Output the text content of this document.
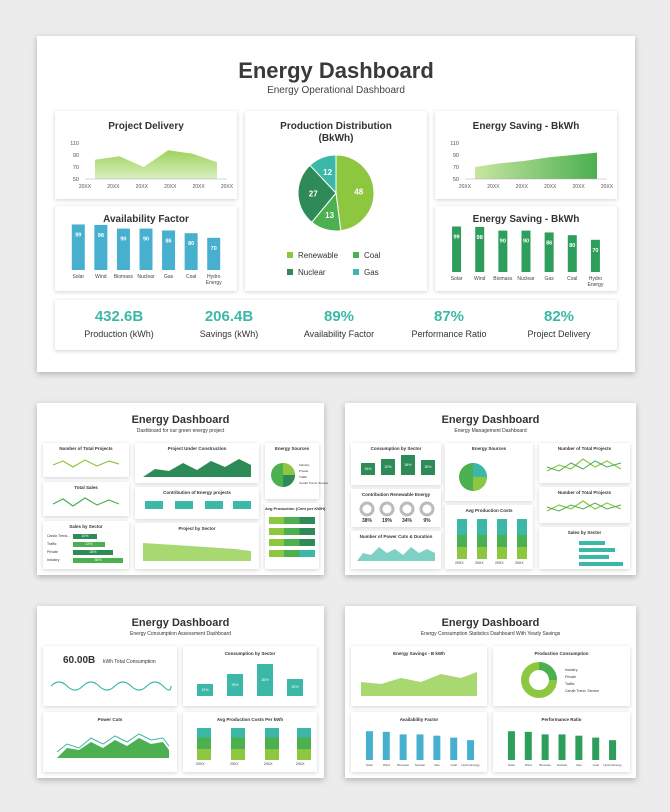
Energy Dashboard
Energy Operational Dashboard
Project Delivery
110
90
70
50
20XX	20XX	20XX	20XX	20XX	20XX
Production Distribution
(BkWh)
48
13
27
12
Renewable	Coal
Nuclear	Gas
Energy Saving - BkWh
110
90
70
50
20XX	20XX	20XX	20XX	20XX	20XX
Availability Factor
99
Solar
98
Wind
90
Biomass
90
Nuclear
86
Gas
80
Coal
70
Hydro
Energy
Energy Saving - BkWh
99
Solar
98
Wind
90
Biomass
90
Nuclear
86
Gas
80
Coal
70
Hydro
Energy
432.6B
Production (kWh)
206.4B
Savings (kWh)
89%
Availability Factor
87%
Performance Ratio
82%
Project Delivery
Energy Dashboard
Dashboard for our green energy project
Number of Total Projects
Total Sales
Sales by Sector
Cando Trend...
Traffic
Private
Industry
10%
22%
28%
35%
Project Under Construction
Contribution of Energy projects
Project by Sector
Energy Sources
Industry
Private
Traffic
Caruth Trend. Service
Avg Production (Cent per KWH)
Energy Dashboard
Energy Management Dashboard
Consumption by Sector
15%	20%	36%	28%
Contribution Renewable Energy
38%	19%	34%	9%
Number of Power Cuts & Duration
Energy Sources
Avg Production Costs
20XX	20XX	20XX	20XX
Number of Total Projects
Number of Total Projects
Sales by Sector
Energy Dashboard
Energy Consumption Assessment Dashboard
60.00B kWh Total Consumption
Consumption by Sector
15%
25%
36%
20%
Power Cuts	Avg Production Costs Per kWh
20XX	20XX	20XX	20XX
Energy Dashboard
Energy Consumption Statistics Dashboard With Yearly Savings
Energy Savings - B kWh	Production Consumption
Industry
Private
Traffic
Caruth Trend. Service
Availability Factor
Solar	Wind	Biomass Nuclear	Gas	Coal Hydro Energy
Performance Ratio
Solar	Wind	Biomass Nuclear	Gas	Coal Hydro Energy
